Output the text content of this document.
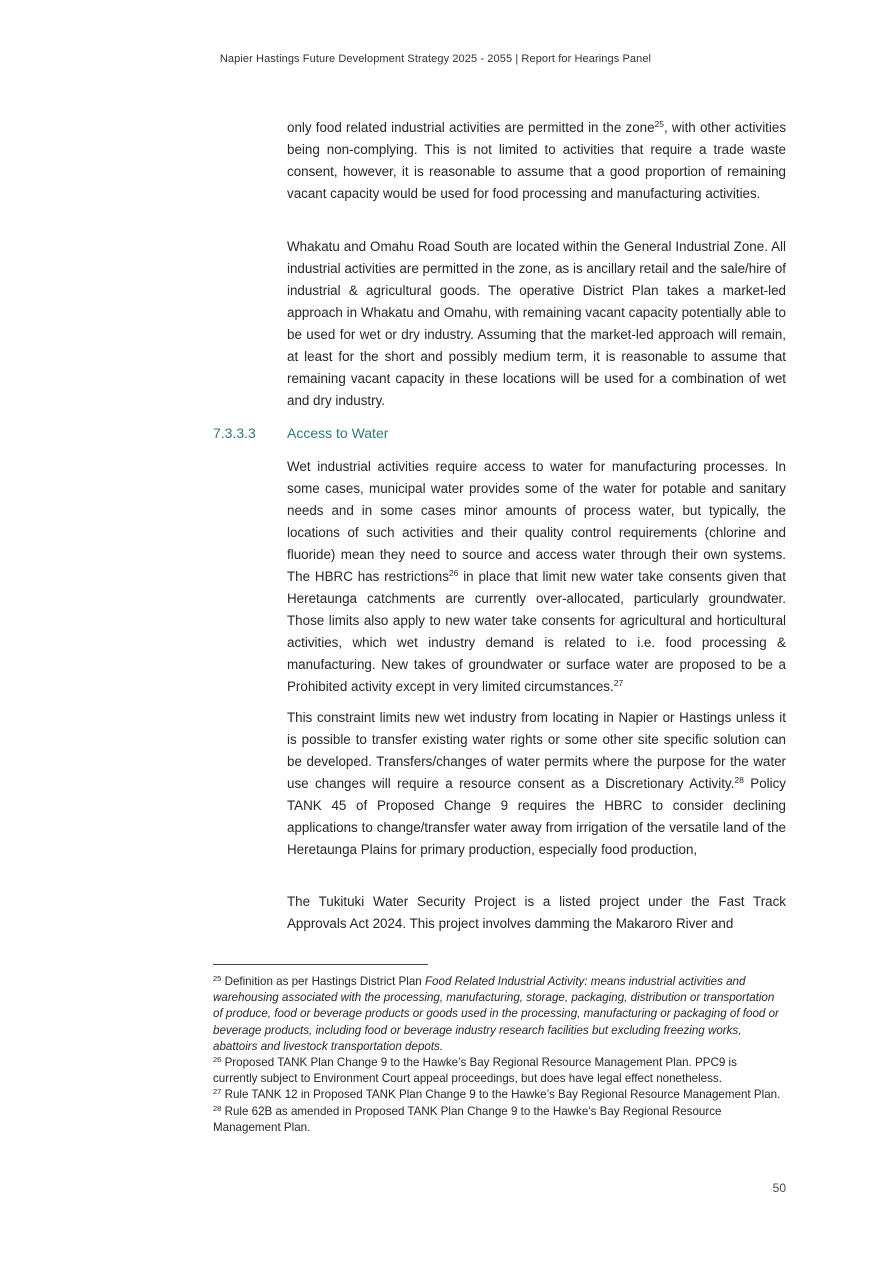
Napier Hastings Future Development Strategy 2025 - 2055 | Report for Hearings Panel

only food related industrial activities are permitted in the zone$^{25}$, with other activities being non-complying. This is not limited to activities that require a trade waste consent, however, it is reasonable to assume that a good proportion of remaining vacant capacity would be used for food processing and manufacturing activities.

Whakatu and Omahu Road South are located within the General Industrial Zone. All industrial activities are permitted in the zone, as is ancillary retail and the sale/hire of industrial & agricultural goods. The operative District Plan takes a market-led approach in Whakatu and Omahu, with remaining vacant capacity potentially able to be used for wet or dry industry. Assuming that the market-led approach will remain, at least for the short and possibly medium term, it is reasonable to assume that remaining vacant capacity in these locations will be used for a combination of wet and dry industry.

7.3.3.3 Access to Water

Wet industrial activities require access to water for manufacturing processes. In some cases, municipal water provides some of the water for potable and sanitary needs and in some cases minor amounts of process water, but typically, the locations of such activities and their quality control requirements (chlorine and fluoride) mean they need to source and access water through their own systems. The HBRC has restrictions$^{26}$ in place that limit new water take consents given that Heretaunga catchments are currently over-allocated, particularly groundwater. Those limits also apply to new water take consents for agricultural and horticultural activities, which wet industry demand is related to i.e. food processing & manufacturing. New takes of groundwater or surface water are proposed to be a Prohibited activity except in very limited circumstances.$^{27}$

This constraint limits new wet industry from locating in Napier or Hastings unless it is possible to transfer existing water rights or some other site specific solution can be developed. Transfers/changes of water permits where the purpose for the water use changes will require a resource consent as a Discretionary Activity.$^{28}$ Policy TANK 45 of Proposed Change 9 requires the HBRC to consider declining applications to change/transfer water away from irrigation of the versatile land of the Heretaunga Plains for primary production, especially food production,

The Tukituki Water Security Project is a listed project under the Fast Track Approvals Act 2024. This project involves damming the Makaroro River and

$^{25}$ Definition as per Hastings District Plan Food Related Industrial Activity: means industrial activities and warehousing associated with the processing, manufacturing, storage, packaging, distribution or transportation of produce, food or beverage products or goods used in the processing, manufacturing or packaging of food or beverage products, including food or beverage industry research facilities but excluding freezing works, abattoirs and livestock transportation depots.

$^{26}$ Proposed TANK Plan Change 9 to the Hawke’s Bay Regional Resource Management Plan. PPC9 is currently subject to Environment Court appeal proceedings, but does have legal effect nonetheless.

$^{27}$ Rule TANK 12 in Proposed TANK Plan Change 9 to the Hawke’s Bay Regional Resource Management Plan.

$^{28}$ Rule 62B as amended in Proposed TANK Plan Change 9 to the Hawke’s Bay Regional Resource Management Plan.

50
